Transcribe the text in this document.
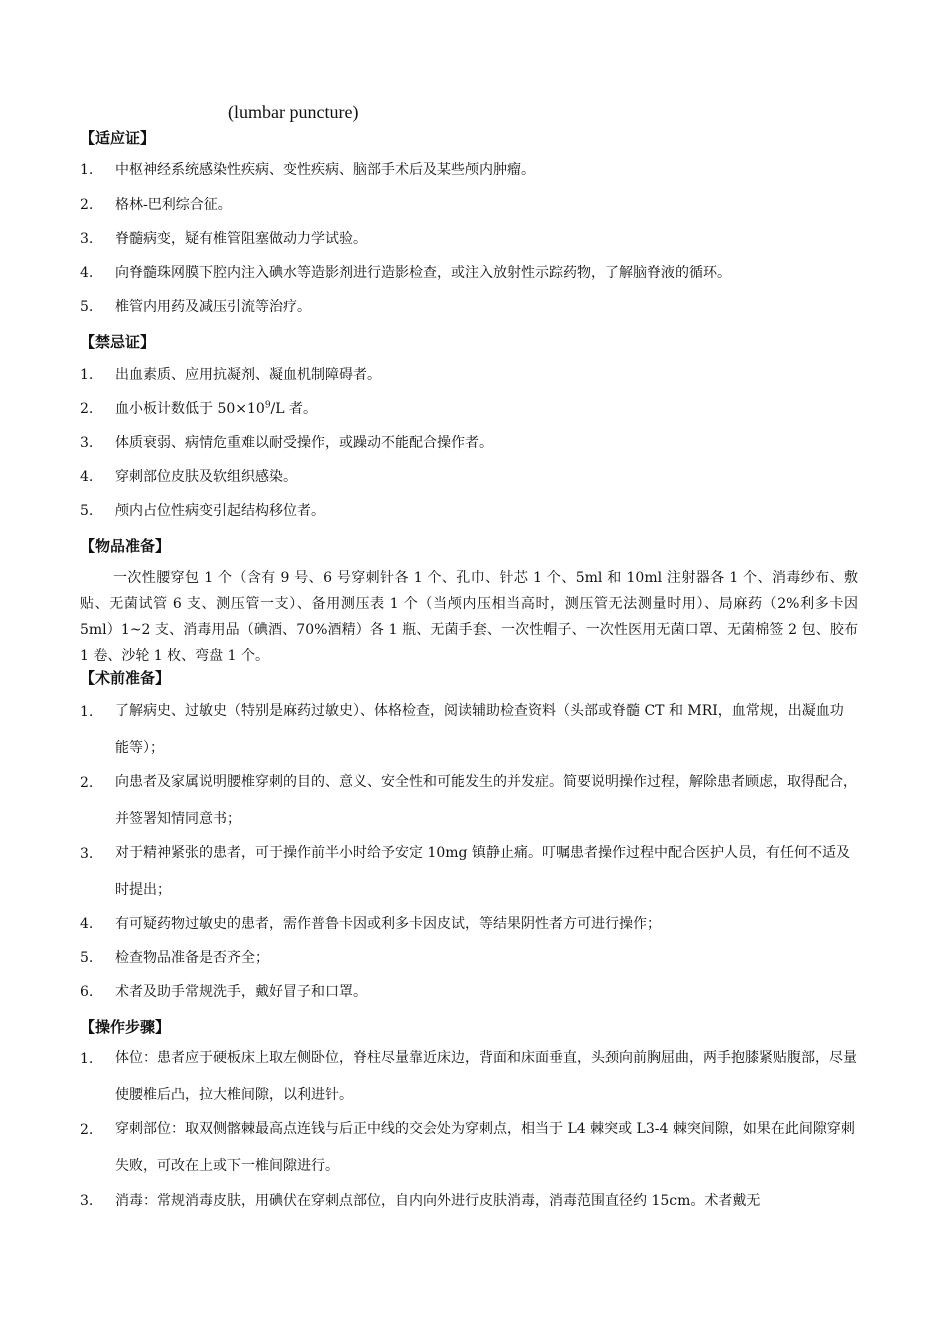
(lumbar puncture)
【适应证】
1.	中枢神经系统感染性疾病、变性疾病、脑部手术后及某些颅内肿瘤。
2.	格林-巴利综合征。
3.	脊髓病变，疑有椎管阻塞做动力学试验。
4.	向脊髓珠网膜下腔内注入碘水等造影剂进行造影检查，或注入放射性示踪药物，了解脑脊液的循环。
5.	椎管内用药及减压引流等治疗。
【禁忌证】
1.	出血素质、应用抗凝剂、凝血机制障碍者。
2.	血小板计数低于 $50\times 10^9/L$ 者。
3.	体质衰弱、病情危重难以耐受操作，或躁动不能配合操作者。
4.	穿刺部位皮肤及软组织感染。
5.	颅内占位性病变引起结构移位者。
【物品准备】
一次性腰穿包 1 个（含有 9 号、6 号穿刺针各 1 个、孔巾、针芯 1 个、5ml 和 10ml 注射器各 1 个、消毒纱布、敷贴、无菌试管 6 支、测压管一支）、备用测压表 1 个（当颅内压相当高时，测压管无法测量时用）、局麻药（2%利多卡因 5ml）1~2 支、消毒用品（碘酒、70%酒精）各 1 瓶、无菌手套、一次性帽子、一次性医用无菌口罩、无菌棉签 2 包、胶布 1 卷、沙轮 1 枚、弯盘 1 个。
【术前准备】
1.	了解病史、过敏史（特别是麻药过敏史）、体格检查，阅读辅助检查资料（头部或脊髓 CT 和 MRI，血常规，出凝血功能等）；
2.	向患者及家属说明腰椎穿刺的目的、意义、安全性和可能发生的并发症。简要说明操作过程，解除患者顾虑，取得配合，并签署知情同意书；
3.	对于精神紧张的患者，可于操作前半小时给予安定 10mg 镇静止痛。叮嘱患者操作过程中配合医护人员，有任何不适及时提出；
4.	有可疑药物过敏史的患者，需作普鲁卡因或利多卡因皮试，等结果阴性者方可进行操作；
5.	检查物品准备是否齐全；
6.	术者及助手常规洗手，戴好冒子和口罩。
【操作步骤】
1.	体位：患者应于硬板床上取左侧卧位，脊柱尽量靠近床边，背面和床面垂直，头颈向前胸屈曲，两手抱膝紧贴腹部，尽量使腰椎后凸，拉大椎间隙，以利进针。
2.	穿刺部位：取双侧髂棘最高点连钱与后正中线的交会处为穿刺点，相当于 L4 棘突或 L3-4 棘突间隙，如果在此间隙穿刺失败，可改在上或下一椎间隙进行。
3.	消毒：常规消毒皮肤，用碘伏在穿刺点部位，自内向外进行皮肤消毒，消毒范围直径约 15cm。术者戴无
